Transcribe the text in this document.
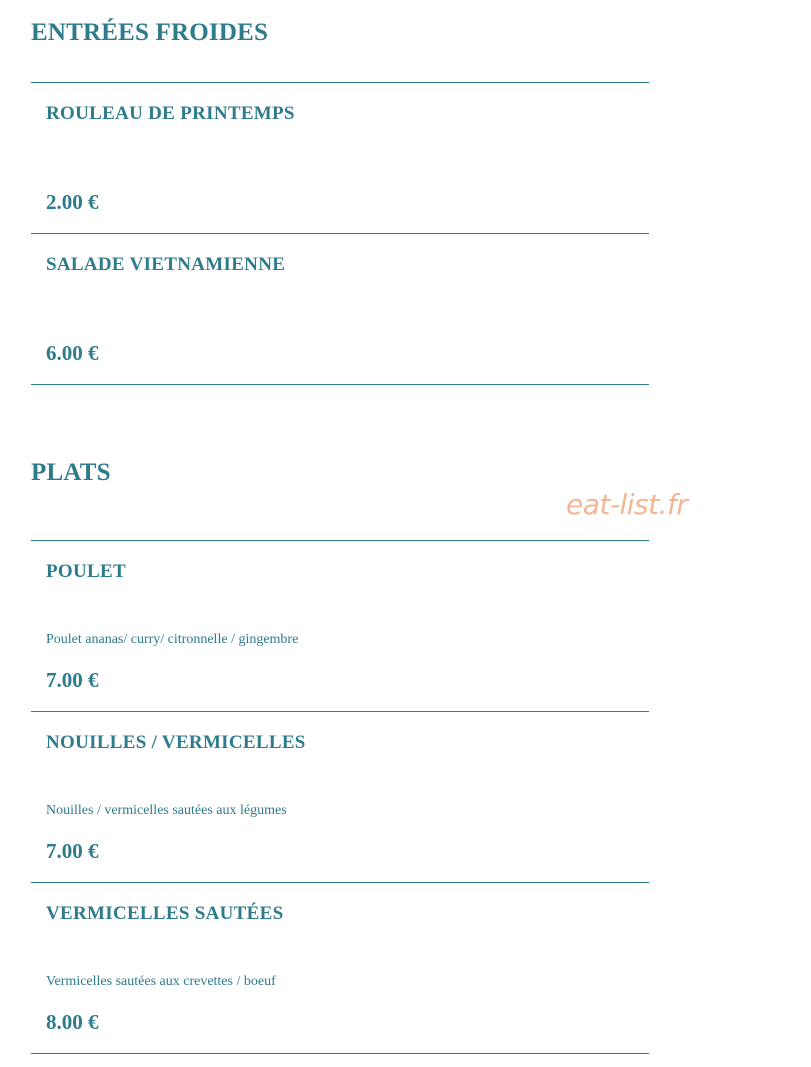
ENTRÉES FROIDES
ROULEAU DE PRINTEMPS
2.00 €
SALADE VIETNAMIENNE
6.00 €
PLATS
POULET
Poulet ananas/ curry/ citronnelle / gingembre
7.00 €
NOUILLES / VERMICELLES
Nouilles / vermicelles sautées aux légumes
7.00 €
VERMICELLES SAUTÉES
Vermicelles sautées aux crevettes / boeuf
8.00 €
eat-list.fr
